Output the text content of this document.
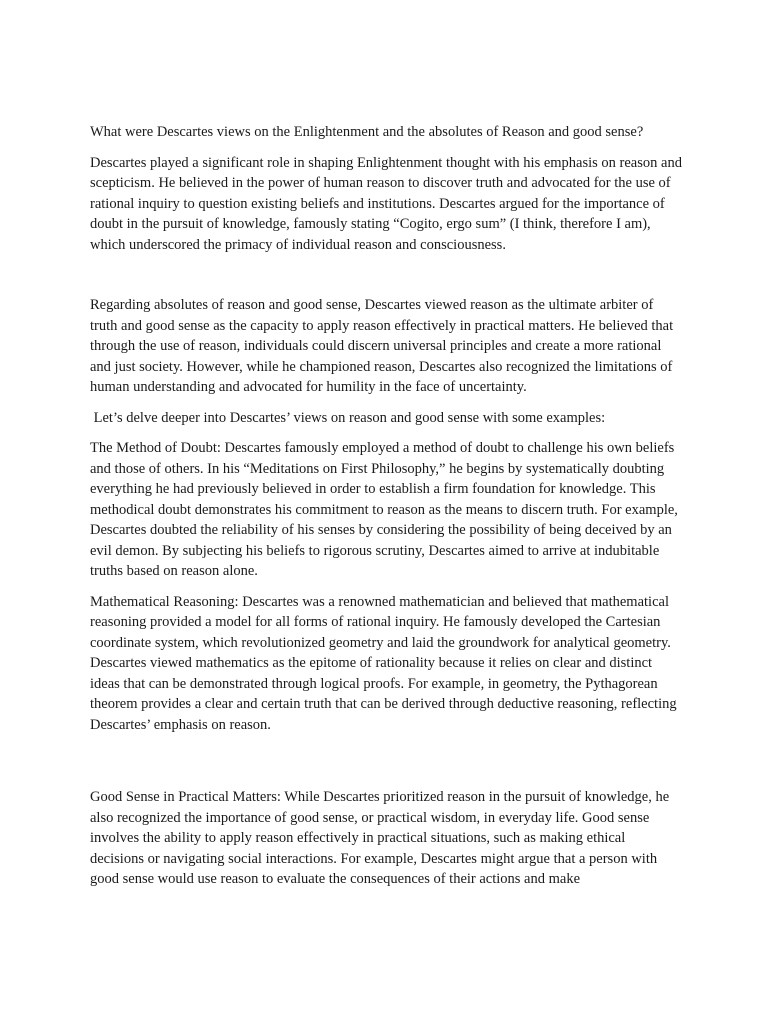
What were Descartes views on the Enlightenment and the absolutes of Reason and good sense?

Descartes played a significant role in shaping Enlightenment thought with his emphasis on reason and scepticism. He believed in the power of human reason to discover truth and advocated for the use of rational inquiry to question existing beliefs and institutions. Descartes argued for the importance of doubt in the pursuit of knowledge, famously stating “Cogito, ergo sum” (I think, therefore I am), which underscored the primacy of individual reason and consciousness.

Regarding absolutes of reason and good sense, Descartes viewed reason as the ultimate arbiter of truth and good sense as the capacity to apply reason effectively in practical matters. He believed that through the use of reason, individuals could discern universal principles and create a more rational and just society. However, while he championed reason, Descartes also recognized the limitations of human understanding and advocated for humility in the face of uncertainty.

Let’s delve deeper into Descartes’ views on reason and good sense with some examples:

The Method of Doubt: Descartes famously employed a method of doubt to challenge his own beliefs and those of others. In his “Meditations on First Philosophy,” he begins by systematically doubting everything he had previously believed in order to establish a firm foundation for knowledge. This methodical doubt demonstrates his commitment to reason as the means to discern truth. For example, Descartes doubted the reliability of his senses by considering the possibility of being deceived by an evil demon. By subjecting his beliefs to rigorous scrutiny, Descartes aimed to arrive at indubitable truths based on reason alone.

Mathematical Reasoning: Descartes was a renowned mathematician and believed that mathematical reasoning provided a model for all forms of rational inquiry. He famously developed the Cartesian coordinate system, which revolutionized geometry and laid the groundwork for analytical geometry. Descartes viewed mathematics as the epitome of rationality because it relies on clear and distinct ideas that can be demonstrated through logical proofs. For example, in geometry, the Pythagorean theorem provides a clear and certain truth that can be derived through deductive reasoning, reflecting Descartes’ emphasis on reason.

Good Sense in Practical Matters: While Descartes prioritized reason in the pursuit of knowledge, he also recognized the importance of good sense, or practical wisdom, in everyday life. Good sense involves the ability to apply reason effectively in practical situations, such as making ethical decisions or navigating social interactions. For example, Descartes might argue that a person with good sense would use reason to evaluate the consequences of their actions and make
